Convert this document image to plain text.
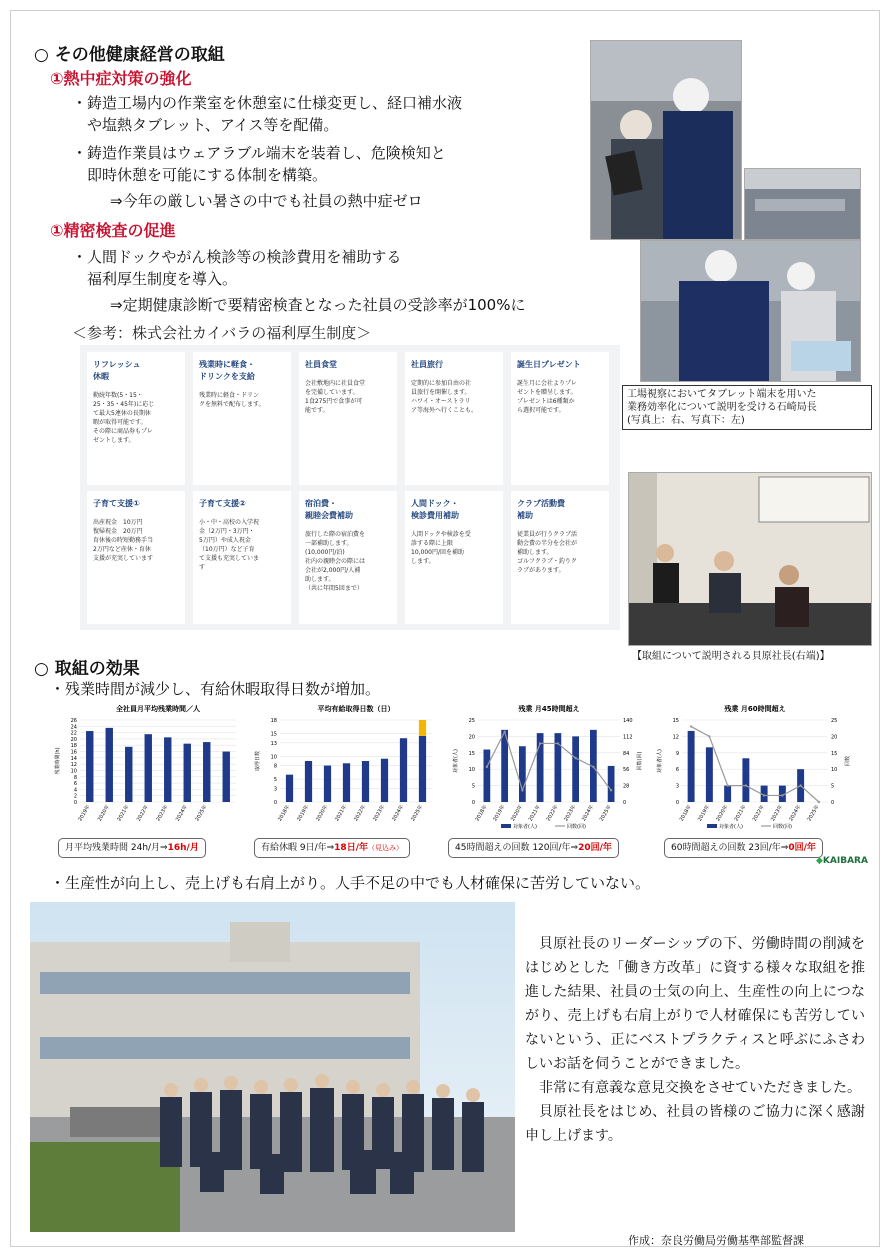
○ その他健康経営の取組
①熱中症対策の強化
・鋳造工場内の作業室を休憩室に仕様変更し、経口補水液
　や塩熱タブレット、アイス等を配備。
・鋳造作業員はウェアラブル端末を装着し、危険検知と
　即時休憩を可能にする体制を構築。
⇒今年の厳しい暑さの中でも社員の熱中症ゼロ
①精密検査の促進
・人間ドックやがん検診等の検診費用を補助する
　福利厚生制度を導入。
⇒定期健康診断で要精密検査となった社員の受診率が100%に
＜参考：株式会社カイバラの福利厚生制度＞
リフレッシュ
休暇
勤続年数(5・15・
25・35・45年)に応じ
て最大5連休の長期休
暇が取得可能です。
その際に商品券もプレ
ゼントします。
残業時に軽食・
ドリンクを支給
残業時に軽食・ドリン
クを無料で配布します。
社員食堂
会社敷地内に社員食堂
を完備しています。
1食275円で食事が可
能です。
社員旅行
定期的に参加自由の社
員旅行を開催します。
ハワイ・オーストラリ
ア等海外へ行くことも。
誕生日プレゼント
誕生月に会社よりプレ
ゼントを贈呈します。
プレゼントは6種類か
ら選択可能です。
子育て支援①
出産祝金　10万円
復帰祝金　20万円
育休後の時短勤務手当
2万円など産休・育休
支援が充実しています
子育て支援②
小・中・高校の入学祝
金（2万円・3万円・
5万円）や成人祝金
（10万円）など子育
て支援も充実していま
す
宿泊費・
親睦会費補助
旅行した際の宿泊費を
一部補助します。
(10,000円/泊)
社内の親睦会の際には
会社が2,000円/人補
助します。
（共に年間5回まで）
人間ドック・
検診費用補助
人間ドックや検診を受
診する際に上限
10,000円/回を補助
します。
クラブ活動費
補助
従業員が行うクラブ活
動会費の半分を会社が
補助します。
ゴルフクラブ・釣りク
ラブがあります。
工場視察においてタブレット端末を用いた
業務効率化について説明を受ける石崎局長
(写真上：右、写真下：左)
【取組について説明される貝原社長(右端)】
○ 取組の効果
・残業時間が減少し、有給休暇取得日数が増加。
全社員月平均残業時間／人
残業時間(h)
0
2
4
6
8
10
12
14
16
18
20
22
24
26
2019年 2020年 2021年 2022年 2023年 2024年 2025年
平均有給取得日数（日）
取得日数
0
3
5
8
10
13
15
18
2018年 2019年 2020年 2021年 2022年 2023年 2024年 2025年
残業 月45時間超え
対象者(人)
0
5
10
15
20
25
2018年 2019年 2020年 2021年 2022年 2023年 2024年 2025年
0
28
56
84
112
140
回数(回)
対象者(人)	回数(回)
残業 月60時間超え
対象者(人)
0
3
6
9
12
15
2018年 2019年 2020年 2021年 2022年 2023年 2024年 2025年
0
5
10
15
20
25
回数
対象者(人)	回数(回)
月平均残業時間 24h/月⇒16h/月	有給休暇 9日/年⇒18日/年（見込み）	45時間超えの回数 120回/年⇒20回/年	60時間超えの回数 23回/年⇒0回/年
◆KAIBARA
・生産性が向上し、売上げも右肩上がり。人手不足の中でも人材確保に苦労していない。

貝原社長のリーダーシップの下、労働時間の削減をはじめとした「働き方改革」に資する様々な取組を推進した結果、社員の士気の向上、生産性の向上につながり、売上げも右肩上がりで人材確保にも苦労していないという、正にベストプラクティスと呼ぶにふさわしいお話を伺うことができました。

非常に有意義な意見交換をさせていただきました。

貝原社長をはじめ、社員の皆様のご協力に深く感謝申し上げます。

作成：奈良労働局労働基準部監督課
